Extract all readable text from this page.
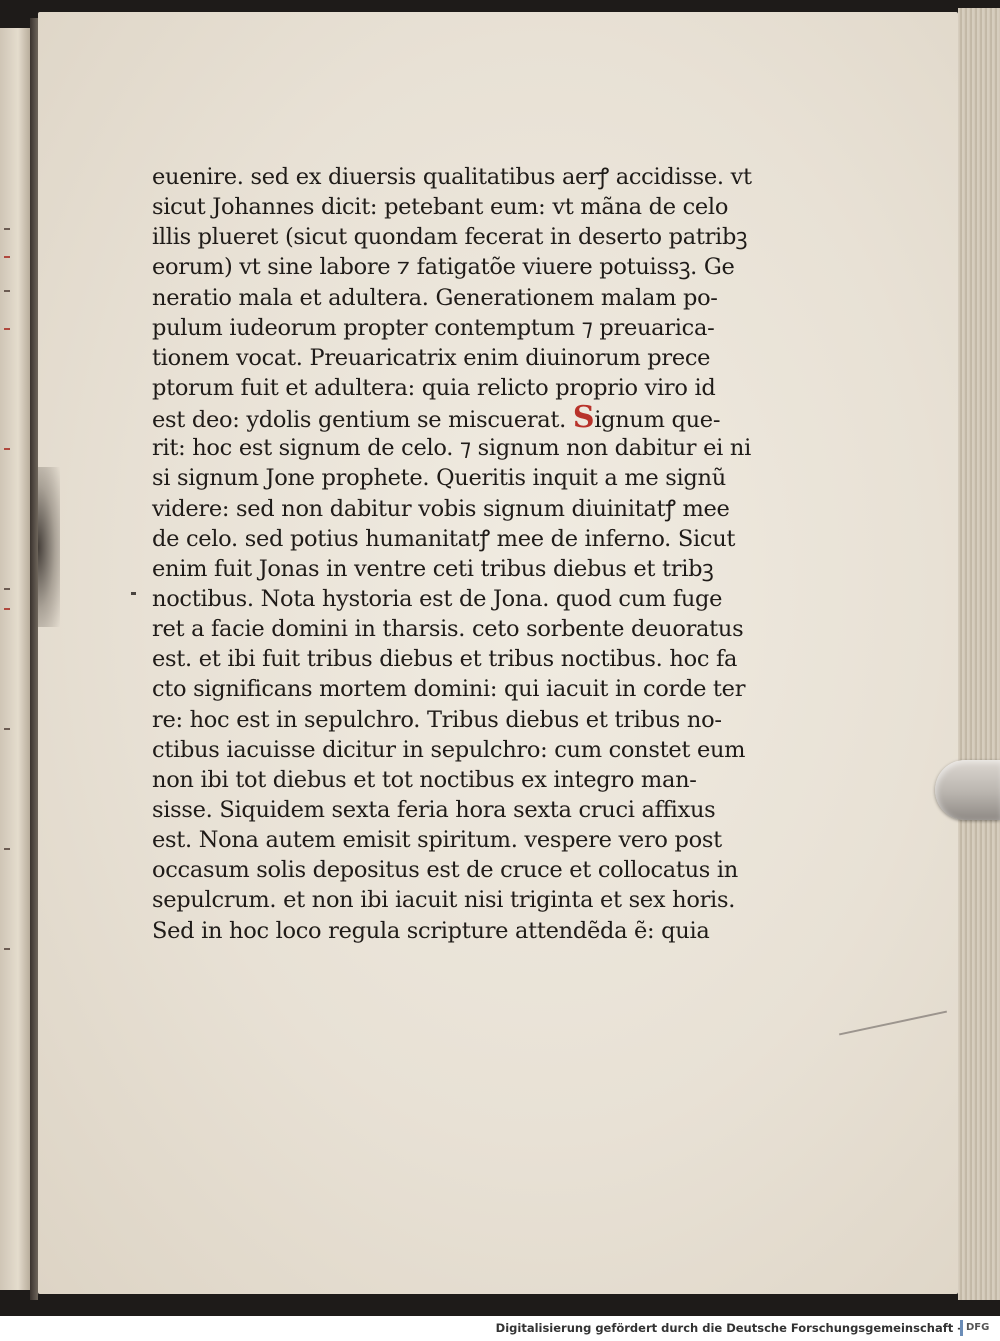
euenire. sed ex diuersis qualitatibus aerꝭ accidisse. vt
sicut Johannes dicit: petebant eum: vt mãna de celo
illis plueret (sicut quondam fecerat in deserto patribꝫ
eorum) vt sine labore ⁊ fatigatõe viuere potuissꝫ. Ge
neratio mala et adultera. Generationem malam po-
pulum iudeorum propter contemptum ⁊ preuarica-
tionem vocat. Preuaricatrix enim diuinorum prece
ptorum fuit et adultera: quia relicto proprio viro id
est deo: ydolis gentium se miscuerat. Signum que-
rit: hoc est signum de celo. ⁊ signum non dabitur ei ni
si signum Jone prophete. Queritis inquit a me signũ
videre: sed non dabitur vobis signum diuinitatꝭ mee
de celo. sed potius humanitatꝭ mee de inferno. Sicut
enim fuit Jonas in ventre ceti tribus diebus et tribꝫ
noctibus. Nota hystoria est de Jona. quod cum fuge
ret a facie domini in tharsis. ceto sorbente deuoratus
est. et ibi fuit tribus diebus et tribus noctibus. hoc fa
cto significans mortem domini: qui iacuit in corde ter
re: hoc est in sepulchro. Tribus diebus et tribus no-
ctibus iacuisse dicitur in sepulchro: cum constet eum
non ibi tot diebus et tot noctibus ex integro man-
sisse. Siquidem sexta feria hora sexta cruci affixus
est. Nona autem emisit spiritum. vespere vero post
occasum solis depositus est de cruce et collocatus in
sepulcrum. et non ibi iacuit nisi triginta et sex horis.
Sed in hoc loco regula scripture attendẽda ẽ: quia
Digitalisierung gefördert durch die Deutsche Forschungsgemeinschaft - DFG
